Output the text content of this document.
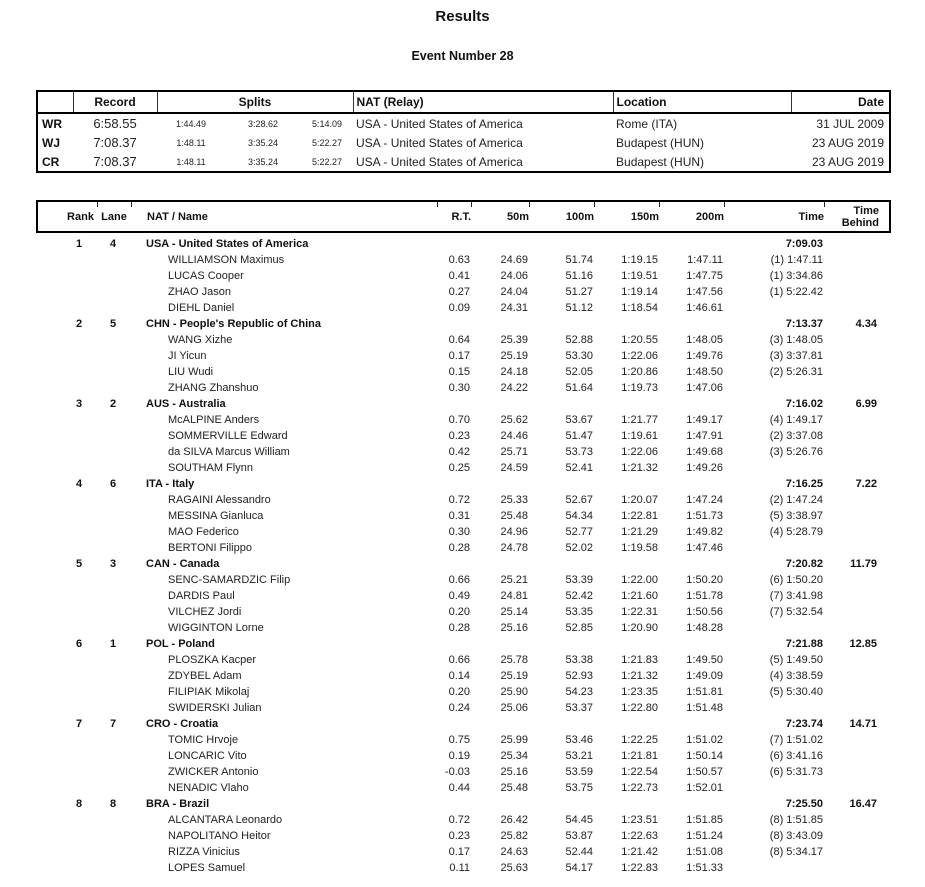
Results
Event Number 28
	Record	Splits			NAT (Relay)	Location	Date
WR	6:58.55	1:44.49	3:28.62	5:14.09	USA - United States of America	Rome (ITA)	31 JUL 2009
WJ	7:08.37	1:48.11	3:35.24	5:22.27	USA - United States of America	Budapest (HUN)	23 AUG 2019
CR	7:08.37	1:48.11	3:35.24	5:22.27	USA - United States of America	Budapest (HUN)	23 AUG 2019
Rank	Lane	NAT / Name	R.T.	50m	100m	150m	200m	Time	Time
Behind
1	4	USA - United States of America						7:09.03	
		WILLIAMSON Maximus	0.63	24.69	51.74	1:19.15	1:47.11	(1) 1:47.11	
		LUCAS Cooper	0.41	24.06	51.16	1:19.51	1:47.75	(1) 3:34.86	
		ZHAO Jason	0.27	24.04	51.27	1:19.14	1:47.56	(1) 5:22.42	
		DIEHL Daniel	0.09	24.31	51.12	1:18.54	1:46.61		
2	5	CHN - People's Republic of China						7:13.37	4.34
		WANG Xizhe	0.64	25.39	52.88	1:20.55	1:48.05	(3) 1:48.05	
		JI Yicun	0.17	25.19	53.30	1:22.06	1:49.76	(3) 3:37.81	
		LIU Wudi	0.15	24.18	52.05	1:20.86	1:48.50	(2) 5:26.31	
		ZHANG Zhanshuo	0.30	24.22	51.64	1:19.73	1:47.06		
3	2	AUS - Australia						7:16.02	6.99
		McALPINE Anders	0.70	25.62	53.67	1:21.77	1:49.17	(4) 1:49.17	
		SOMMERVILLE Edward	0.23	24.46	51.47	1:19.61	1:47.91	(2) 3:37.08	
		da SILVA Marcus William	0.42	25.71	53.73	1:22.06	1:49.68	(3) 5:26.76	
		SOUTHAM Flynn	0.25	24.59	52.41	1:21.32	1:49.26		
4	6	ITA - Italy						7:16.25	7.22
		RAGAINI Alessandro	0.72	25.33	52.67	1:20.07	1:47.24	(2) 1:47.24	
		MESSINA Gianluca	0.31	25.48	54.34	1:22.81	1:51.73	(5) 3:38.97	
		MAO Federico	0.30	24.96	52.77	1:21.29	1:49.82	(4) 5:28.79	
		BERTONI Filippo	0.28	24.78	52.02	1:19.58	1:47.46		
5	3	CAN - Canada						7:20.82	11.79
		SENC-SAMARDZIC Filip	0.66	25.21	53.39	1:22.00	1:50.20	(6) 1:50.20	
		DARDIS Paul	0.49	24.81	52.42	1:21.60	1:51.78	(7) 3:41.98	
		VILCHEZ Jordi	0.20	25.14	53.35	1:22.31	1:50.56	(7) 5:32.54	
		WIGGINTON Lorne	0.28	25.16	52.85	1:20.90	1:48.28		
6	1	POL - Poland						7:21.88	12.85
		PLOSZKA Kacper	0.66	25.78	53.38	1:21.83	1:49.50	(5) 1:49.50	
		ZDYBEL Adam	0.14	25.19	52.93	1:21.32	1:49.09	(4) 3:38.59	
		FILIPIAK Mikolaj	0.20	25.90	54.23	1:23.35	1:51.81	(5) 5:30.40	
		SWIDERSKI Julian	0.24	25.06	53.37	1:22.80	1:51.48		
7	7	CRO - Croatia						7:23.74	14.71
		TOMIC Hrvoje	0.75	25.99	53.46	1:22.25	1:51.02	(7) 1:51.02	
		LONCARIC Vito	0.19	25.34	53.21	1:21.81	1:50.14	(6) 3:41.16	
		ZWICKER Antonio	-0.03	25.16	53.59	1:22.54	1:50.57	(6) 5:31.73	
		NENADIC Vlaho	0.44	25.48	53.75	1:22.73	1:52.01		
8	8	BRA - Brazil						7:25.50	16.47
		ALCANTARA Leonardo	0.72	26.42	54.45	1:23.51	1:51.85	(8) 1:51.85	
		NAPOLITANO Heitor	0.23	25.82	53.87	1:22.63	1:51.24	(8) 3:43.09	
		RIZZA Vinicius	0.17	24.63	52.44	1:21.42	1:51.08	(8) 5:34.17	
		LOPES Samuel	0.11	25.63	54.17	1:22.83	1:51.33		
